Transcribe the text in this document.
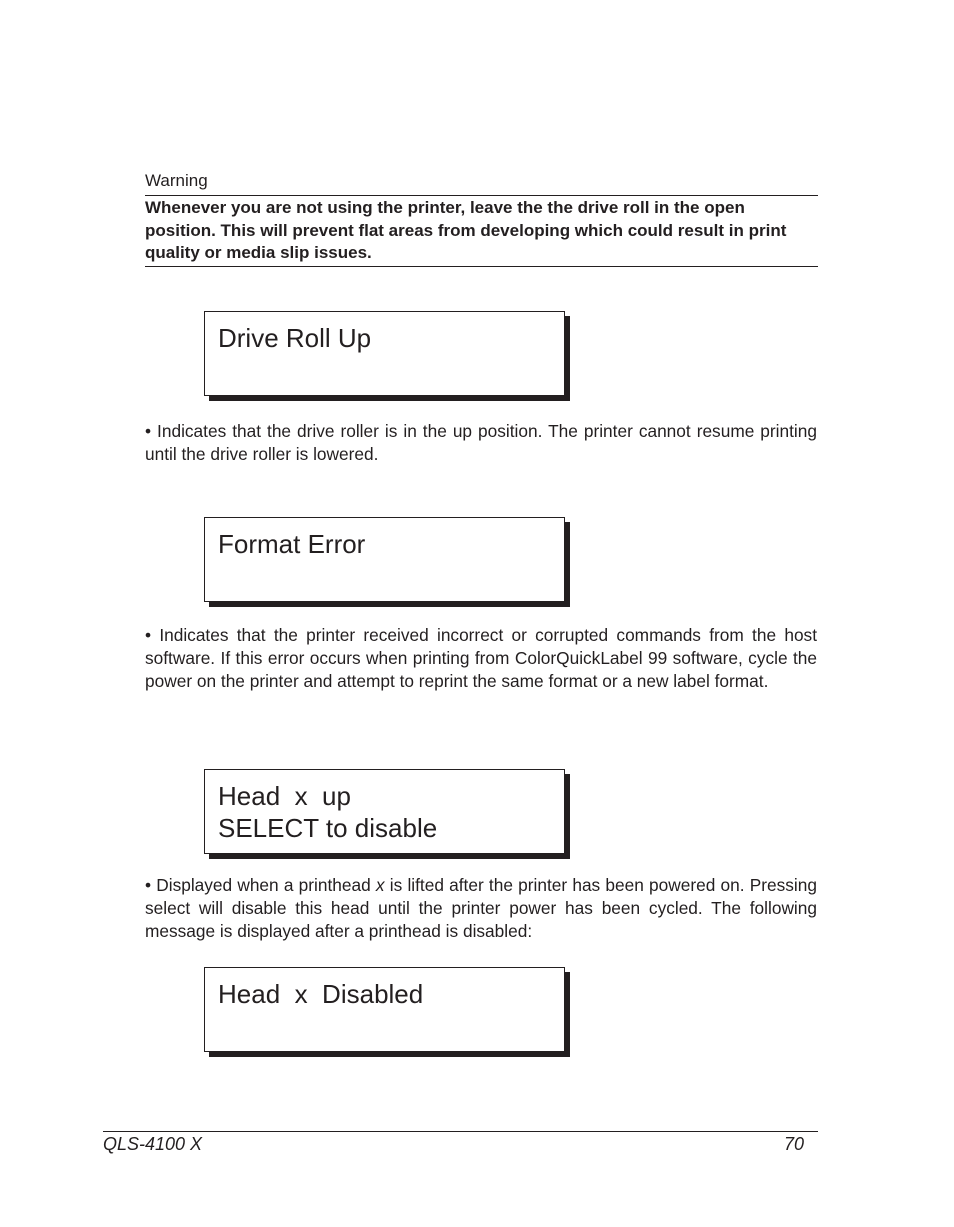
Warning

Whenever you are not using the printer, leave the the drive roll in the open position. This will prevent flat areas from developing which could result in print quality or media slip issues.

Drive Roll Up

• Indicates that the drive roller is in the up position. The printer cannot resume printing until the drive roller is lowered.

Format Error

• Indicates that the printer received incorrect or corrupted commands from the host software. If this error occurs when printing from ColorQuickLabel 99 software, cycle the power on the printer and attempt to reprint the same format or a new label format.

Head  x  up
SELECT to disable

• Displayed when a printhead x is lifted after the printer has been powered on. Pressing select will disable this head until the printer power has been cycled. The following message is displayed after a printhead is disabled:

Head  x  Disabled
QLS-4100 X	70
